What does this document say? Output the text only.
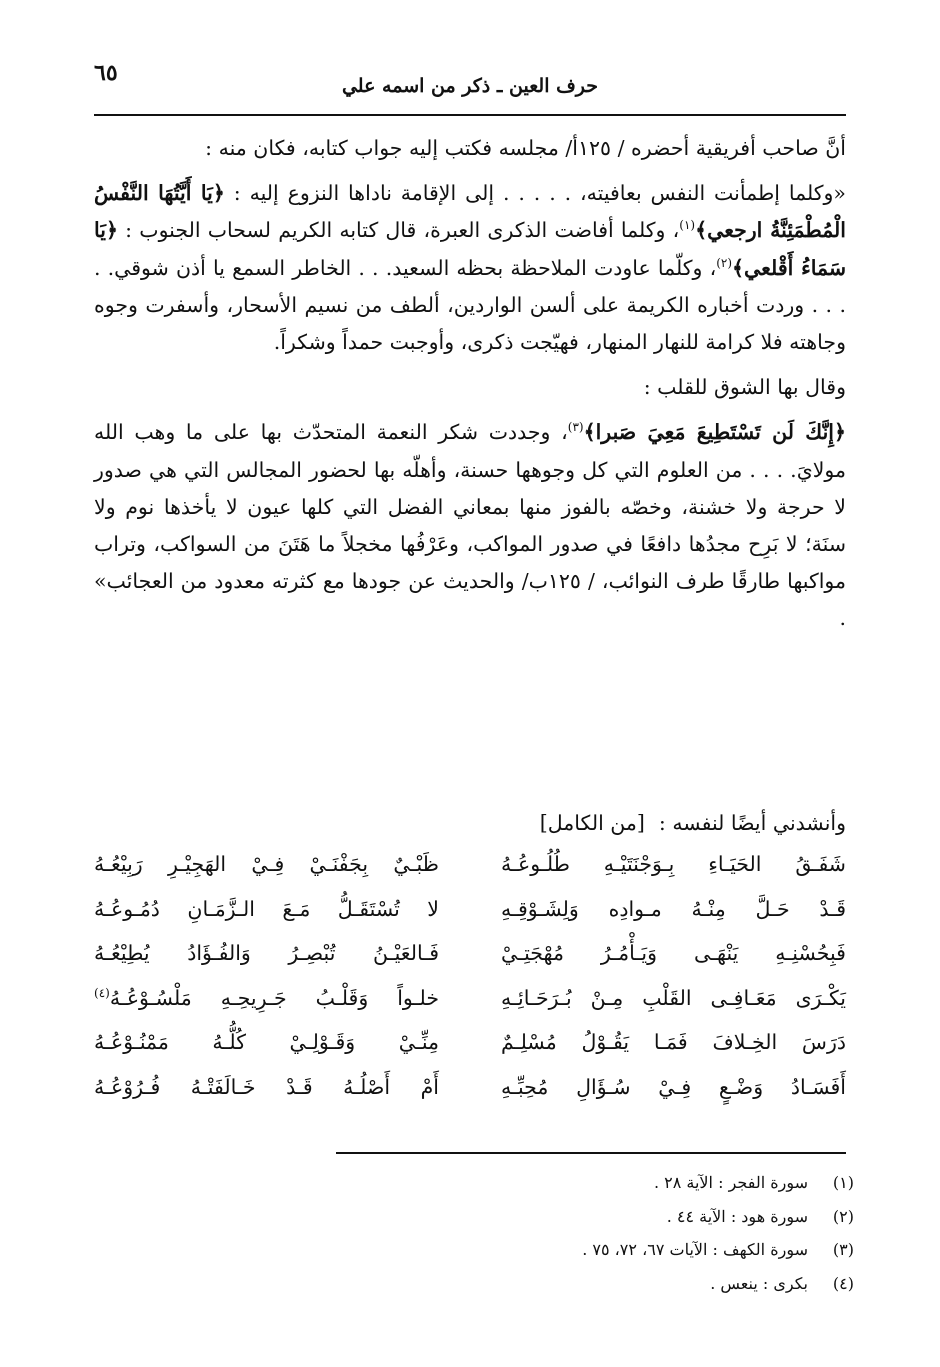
٦٥	حرف العين ـ ذكر من اسمه علي

أنَّ صاحب أفريقية أحضره / ١٢٥أ/ مجلسه فكتب إليه جواب كتابه، فكان منه :

«وكلما إطمأنت النفس بعافيته، . . . . . إلى الإقامة ناداها النزوع إليه : ﴿يَا أَيَّتُهَا النَّفْسُ الْمُطْمَئِنَّةُ ارجعي﴾$^{(١)}$، وكلما أفاضت الذكرى العبرة، قال كتابه الكريم لسحاب الجنوب : ﴿يَا سَمَاءُ أَقْلعي﴾$^{(٢)}$، وكلّما عاودت الملاحظة بحظه السعيد. . . الخاطر السمع يا أذن شوقي. . . . . وردت أخباره الكريمة على ألسن الواردين، ألطف من نسيم الأسحار، وأسفرت وجوه وجاهته فلا كرامة للنهار المنهار، فهيّجت ذكرى، وأوجبت حمداً وشكراً.

وقال بها الشوق للقلب :

﴿إِنَّكَ لَن تَسْتَطِيعَ مَعِيَ صَبرا﴾$^{(٣)}$، وجددت شكر النعمة المتحدّث بها على ما وهب الله مولايَ. . . . من العلوم التي كل وجوهها حسنة، وأهلّه بها لحضور المجالس التي هي صدور لا حرجة ولا خشنة، وخصّه بالفوز منها بمعاني الفضل التي كلها عيون لا يأخذها نوم ولا سنَة؛ لا بَرِح مجدُها دافعًا في صدور المواكب، وعَرْفُها مخجلاً ما هَتَنَ من السواكب، وتراب مواكبها طارقًا طرف النوائب، / ١٢٥ب/ والحديث عن جودها مع كثرته معدود من العجائب» .

وأنشدني أيضًا لنفسه :[من الكامل]
شَفَـقُ الحَيَـاءِ بِـوَجْنَتَيْـهِ طُلُـوعُـهُ
ظَبْـيٌ بِجَفْنَـيْ فِـيْ الهَجِيْـرِ رَبِيْعُـهُ
قَـدْ حَـلَّ مِنْـهُ مـوادِه وَلِشَـوْقِـهِ
لا تُسْتَقَـلُّ مَـعَ الـزَّمَـانِ دُمُـوعُـهُ
فَبِحُسْنِـهِ يَنْهَـى وَيَـأْمُـرُ مُهْجَتِـيْ
فَـالعَيْـنُ تُبْصِـرُ وَالفُـؤَادُ يُطِيْعُـهُ
يَكْـرَى مَعَـافِـى القَلْبِ مِـنْ بُـرَحَـائِـهِ
خلـواً وَقَلْـبُ جَـرِيحِـهِ مَلْسُـوْعُـهُ$^{(٤)}$
دَرَسَ الخِـلافَ فَمَـا يَقُـوْلُ مُسْلِـمٌ
مِنِّـيْ وَقَـوْلِـيْ كُلُّـهُ مَمْنُـوْعُـهُ
أَفَسَـادُ وَضْـعٍ فِـيْ سُـؤَالِ مُحِبِّـهِ
أَمْ أَصْلُـهُ قَـدْ خَـالَفَتْـهُ فُـرُوْعُـهُ
(١)
سورة الفجر : الآية ٢٨ .
(٢)
سورة هود : الآية ٤٤ .
(٣)
سورة الكهف : الآيات ٦٧، ٧٢، ٧٥ .
(٤)
بكرى : ينعس .
